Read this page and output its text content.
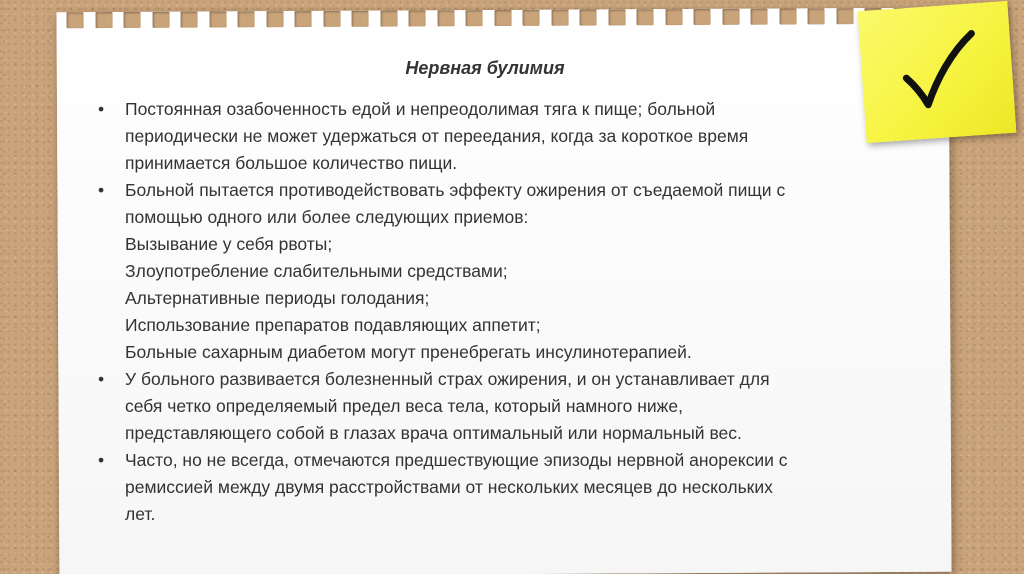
Нервная булимия
• Постоянная озабоченность едой и непреодолимая тяга к пище; больной
периодически не может удержаться от переедания, когда за короткое время
принимается большое количество пищи.
• Больной пытается противодействовать эффекту ожирения от съедаемой пищи с
помощью одного или более следующих приемов:
Вызывание у себя рвоты;
Злоупотребление слабительными средствами;
Альтернативные периоды голодания;
Использование препаратов подавляющих аппетит;
Больные сахарным диабетом могут пренебрегать инсулинотерапией.
• У больного развивается болезненный страх ожирения, и он устанавливает для
себя четко определяемый предел веса тела, который намного ниже,
представляющего собой в глазах врача оптимальный или нормальный вес.
• Часто, но не всегда, отмечаются предшествующие эпизоды нервной анорексии с
ремиссией между двумя расстройствами от нескольких месяцев до нескольких
лет.
